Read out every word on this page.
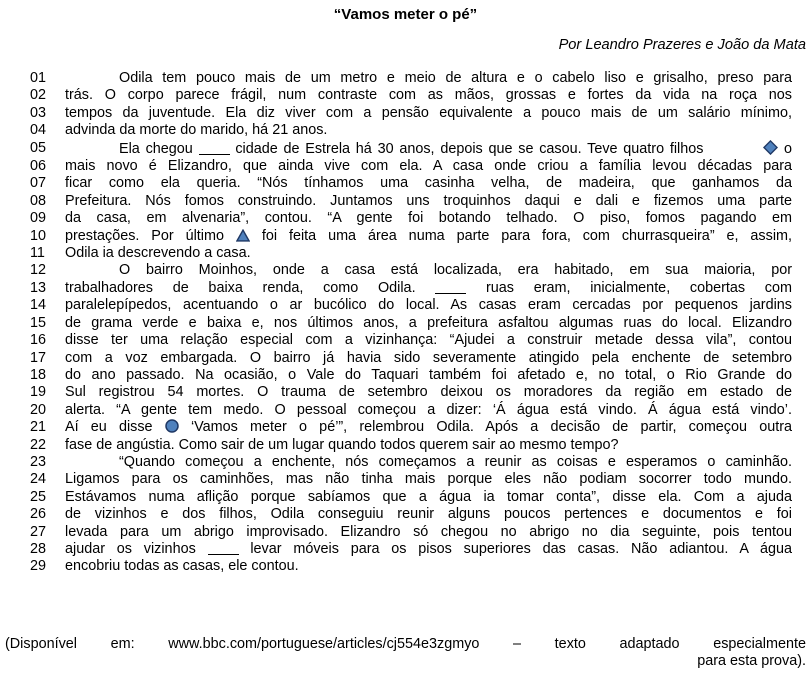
“Vamos meter o pé”
Por Leandro Prazeres e João da Mata
01	Odila tem pouco mais de um metro e meio de altura e o cabelo liso e grisalho, preso para
02	trás. O corpo parece frágil, num contraste com as mãos, grossas e fortes da vida na roça nos
03	tempos da juventude. Ela diz viver com a pensão equivalente a pouco mais de um salário mínimo,
04	advinda da morte do marido, há 21 anos.
05	Ela chegou	cidade de Estrela há 30 anos, depois que se casou. Teve quatro filhos	o
06	mais novo é Elizandro, que ainda vive com ela. A casa onde criou a família levou décadas para
07	ficar como ela queria. “Nós tínhamos uma casinha velha, de madeira, que ganhamos da
08	Prefeitura. Nós fomos construindo. Juntamos uns troquinhos daqui e dali e fizemos uma parte
09	da casa, em alvenaria”, contou. “A gente foi botando telhado. O piso, fomos pagando em
10	prestações. Por último	foi feita uma área numa parte para fora, com churrasqueira” e, assim,
11	Odila ia descrevendo a casa.
12	O bairro Moinhos, onde a casa está localizada, era habitado, em sua maioria, por
13	trabalhadores de baixa renda, como Odila.	ruas eram, inicialmente, cobertas com
14	paralelepípedos, acentuando o ar bucólico do local. As casas eram cercadas por pequenos jardins
15	de grama verde e baixa e, nos últimos anos, a prefeitura asfaltou algumas ruas do local. Elizandro
16	disse ter uma relação especial com a vizinhança: “Ajudei a construir metade dessa vila”, contou
17	com a voz embargada. O bairro já havia sido severamente atingido pela enchente de setembro
18	do ano passado. Na ocasião, o Vale do Taquari também foi afetado e, no total, o Rio Grande do
19	Sul registrou 54 mortes. O trauma de setembro deixou os moradores da região em estado de
20	alerta. “A gente tem medo. O pessoal começou a dizer: ‘Á água está vindo. Á água está vindo’.
21	Aí eu disse	‘Vamos meter o pé’”, relembrou Odila. Após a decisão de partir, começou outra
22	fase de angústia. Como sair de um lugar quando todos querem sair ao mesmo tempo?
23	“Quando começou a enchente, nós começamos a reunir as coisas e esperamos o caminhão.
24	Ligamos para os caminhões, mas não tinha mais porque eles não podiam socorrer todo mundo.
25	Estávamos numa aflição porque sabíamos que a água ia tomar conta”, disse ela. Com a ajuda
26	de vizinhos e dos filhos, Odila conseguiu reunir alguns poucos pertences e documentos e foi
27	levada para um abrigo improvisado. Elizandro só chegou no abrigo no dia seguinte, pois tentou
28	ajudar os vizinhos	levar móveis para os pisos superiores das casas. Não adiantou. A água
29	encobriu todas as casas, ele contou.
(Disponível em: www.bbc.com/portuguese/articles/cj554e3zgmyo – texto adaptado especialmente
para esta prova).
